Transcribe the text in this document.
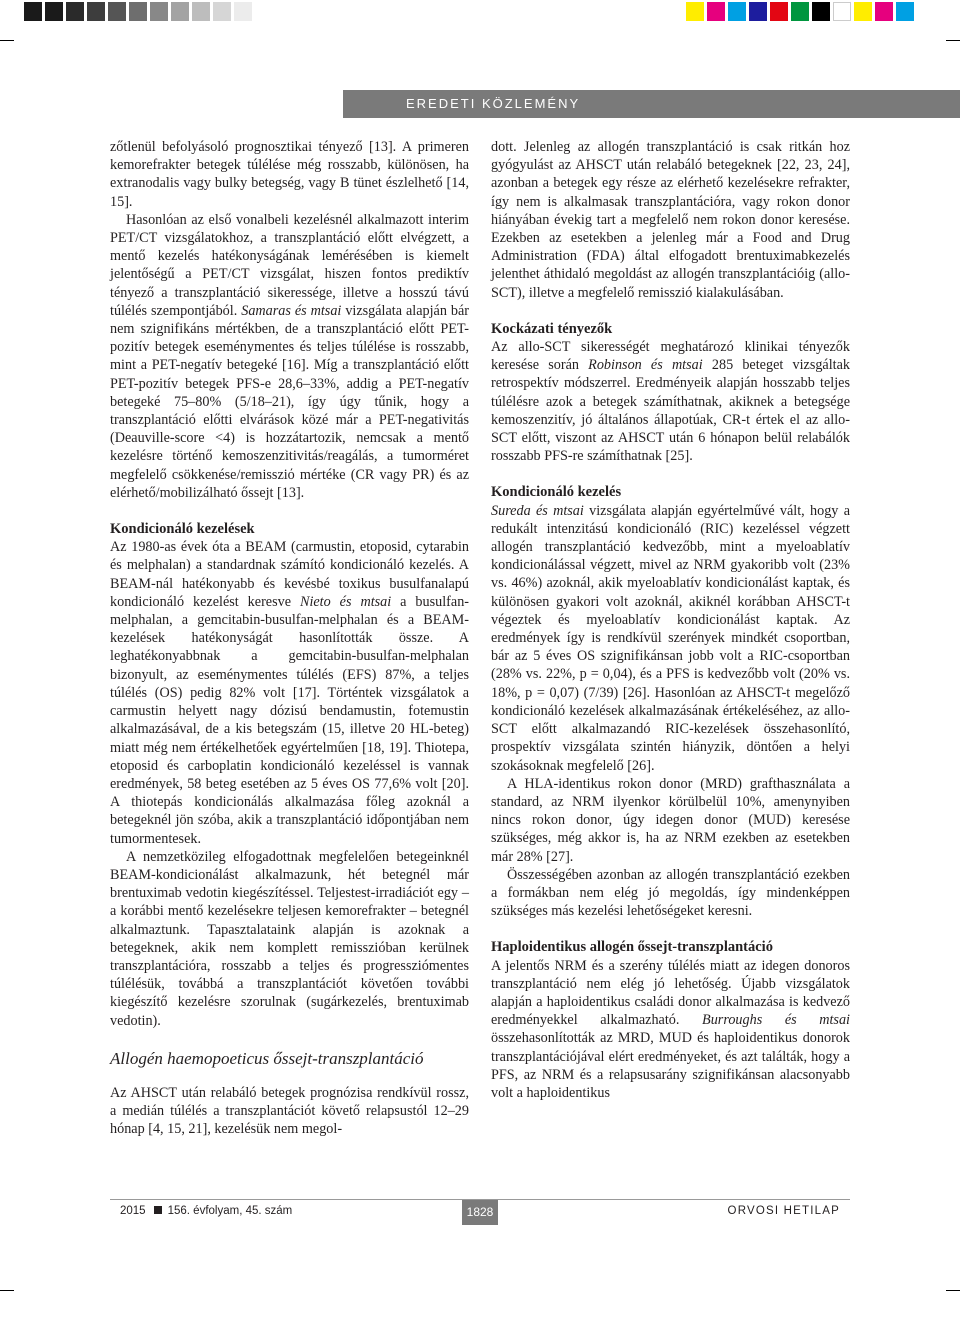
EREDETI KÖZLEMÉNY

zőtlenül befolyásoló prognosztikai tényező [13]. A primeren kemorefrakter betegek túlélése még rosszabb, különösen, ha extranodalis vagy bulky betegség, vagy B tünet észlelhető [14, 15].

Hasonlóan az első vonalbeli kezelésnél alkalmazott interim PET/CT vizsgálatokhoz, a transzplantáció előtt elvégzett, a mentő kezelés hatékonyságának lemérésében is kiemelt jelentőségű a PET/CT vizsgálat, hiszen fontos prediktív tényező a transzplantáció sikeressége, illetve a hosszú távú túlélés szempontjából. Samaras és mtsai vizsgálata alapján bár nem szignifikáns mértékben, de a transzplantáció előtt PET-pozitív betegek eseménymentes és teljes túlélése is rosszabb, mint a PET-negatív betegeké [16]. Míg a transzplantáció előtt PET-pozitív betegek PFS-e 28,6–33%, addig a PET-negatív betegeké 75–80% (5/18–21), így úgy tűnik, hogy a transzplantáció előtti elvárások közé már a PET-negativitás (Deauville-score <4) is hozzátartozik, nemcsak a mentő kezelésre történő kemoszenzitivitás/reagálás, a tumorméret megfelelő csökkenése/remissziό mértéke (CR vagy PR) és az elérhető/mobilizálható őssejt [13].

Kondicionáló kezelések

Az 1980-as évek óta a BEAM (carmustin, etoposid, cytarabin és melphalan) a standardnak számító kondicionáló kezelés. A BEAM-nál hatékonyabb és kevésbé toxikus busulfanalapú kondicionáló kezelést keresve Nieto és mtsai a busulfan-melphalan, a gemcitabin-busulfan-melphalan és a BEAM-kezelések hatékonyságát hasonlították össze. A leghatékonyabbnak a gemcitabin-busulfan-melphalan bizonyult, az eseménymentes túlélés (EFS) 87%, a teljes túlélés (OS) pedig 82% volt [17]. Történtek vizsgálatok a carmustin helyett nagy dózisú bendamustin, fotemustin alkalmazásával, de a kis betegszám (15, illetve 20 HL-beteg) miatt még nem értékelhetőek egyértelműen [18, 19]. Thiotepa, etoposid és carboplatin kondicionáló kezeléssel is vannak eredmények, 58 beteg esetében az 5 éves OS 77,6% volt [20]. A thiotepás kondicionálás alkalmazása főleg azoknál a betegeknél jön szóba, akik a transzplantáció időpontjában nem tumormentesek.

A nemzetközileg elfogadottnak megfelelően betegeinknél BEAM-kondicionálást alkalmazunk, hét betegnél már brentuximab vedotin kiegészítéssel. Teljestest-irradiációt egy – a korábbi mentő kezelésekre teljesen kemorefrakter – betegnél alkalmaztunk. Tapasztalataink alapján is azoknak a betegeknek, akik nem komplett remisszióban kerülnek transzplantációra, rosszabb a teljes és progressziómentes túlélésük, továbbá a transzplantációt követően további kiegészítő kezelésre szorulnak (sugárkezelés, brentuximab vedotin).

Allogén haemopoeticus őssejt-transzplantáció

Az AHSCT után relabáló betegek prognózisa rendkívül rossz, a medián túlélés a transzplantációt követő relapsustól 12–29 hónap [4, 15, 21], kezelésük nem megol-

dott. Jelenleg az allogén transzplantáció is csak ritkán hoz gyógyulást az AHSCT után relabáló betegeknek [22, 23, 24], azonban a betegek egy része az elérhető kezelésekre refrakter, így nem is alkalmasak transzplantációra, vagy rokon donor hiányában évekig tart a megfelelő nem rokon donor keresése. Ezekben az esetekben a jelenleg már a Food and Drug Administration (FDA) által elfogadott brentuximabkezelés jelenthet áthidaló megoldást az allogén transzplantációig (allo-SCT), illetve a megfelelő remisszió kialakulásában.

Kockázati tényezők

Az allo-SCT sikerességét meghatározó klinikai tényezők keresése során Robinson és mtsai 285 beteget vizsgáltak retrospektív módszerrel. Eredményeik alapján hosszabb teljes túlélésre azok a betegek számíthatnak, akiknek a betegsége kemoszenzitív, jó általános állapotúak, CR-t értek el az allo-SCT előtt, viszont az AHSCT után 6 hónapon belül relabálók rosszabb PFS-re számíthatnak [25].

Kondicionáló kezelés

Sureda és mtsai vizsgálata alapján egyértelművé vált, hogy a redukált intenzitású kondicionáló (RIC) kezeléssel végzett allogén transzplantáció kedvezőbb, mint a myeloablatív kondicionálással végzett, mivel az NRM gyakoribb volt (23% vs. 46%) azoknál, akik myeloablatív kondicionálást kaptak, és különösen gyakori volt azoknál, akiknél korábban AHSCT-t végeztek és myeloablatív kondicionálást kaptak. Az eredmények így is rendkívül szerények mindkét csoportban, bár az 5 éves OS szignifikánsan jobb volt a RIC-csoportban (28% vs. 22%, p = 0,04), és a PFS is kedvezőbb volt (20% vs. 18%, p = 0,07) (7/39) [26]. Hasonlóan az AHSCT-t megelőző kondicionáló kezelések alkalmazásának értékeléséhez, az allo-SCT előtt alkalmazandó RIC-kezelések összehasonlító, prospektív vizsgálata szintén hiányzik, döntően a helyi szokásoknak megfelelő [26].

A HLA-identikus rokon donor (MRD) grafthasználata a standard, az NRM ilyenkor körülbelül 10%, amenynyiben nincs rokon donor, úgy idegen donor (MUD) keresése szükséges, még akkor is, ha az NRM ezekben az esetekben már 28% [27].

Összességében azonban az allogén transzplantáció ezekben a formákban nem elég jó megoldás, így mindenképpen szükséges más kezelési lehetőségeket keresni.

Haploidentikus allogén őssejt-transzplantáció

A jelentős NRM és a szerény túlélés miatt az idegen donoros transzplantáció nem elég jó lehetőség. Újabb vizsgálatok alapján a haploidentikus családi donor alkalmazása is kedvező eredményekkel alkalmazható. Burroughs és mtsai összehasonlították az MRD, MUD és haploidentikus donorok transzplantációjával elért eredményeket, és azt találták, hogy a PFS, az NRM és a relapsusarány szignifikánsan alacsonyabb volt a haploidentikus

2015 156. évfolyam, 45. szám	1828	ORVOSI HETILAP
